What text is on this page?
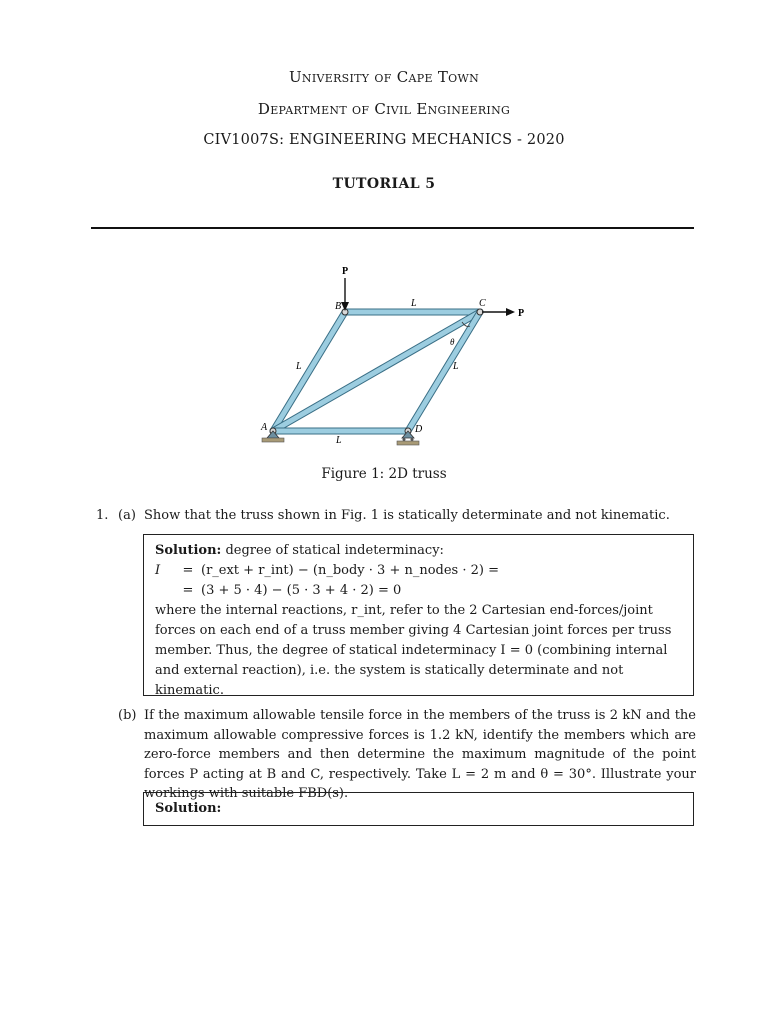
University of Cape Town
Department of Civil Engineering
CIV1007S: ENGINEERING MECHANICS - 2020
TUTORIAL 5
P
P
B	C
A	D
θ
L
L	L
L
Figure 1: 2D truss
1. (a) Show that the truss shown in Fig. 1 is statically determinate and not kinematic.
Solution: degree of statical indeterminacy:
I	= (r_ext + r_int) − (n_body · 3 + n_nodes · 2) =
= (3 + 5 · 4) − (5 · 3 + 4 · 2) = 0
where the internal reactions, r_int, refer to the 2 Cartesian end-forces/joint forces on each end of a truss member giving 4 Cartesian joint forces per truss member. Thus, the degree of statical indeterminacy I = 0 (combining internal and external reaction), i.e. the system is statically determinate and not kinematic.
(b) If the maximum allowable tensile force in the members of the truss is 2 kN and the maximum allowable compressive forces is 1.2 kN, identify the members which are zero-force members and then determine the maximum magnitude of the point forces P acting at B and C, respectively. Take L = 2 m and θ = 30°. Illustrate your workings with suitable FBD(s).
Solution:
